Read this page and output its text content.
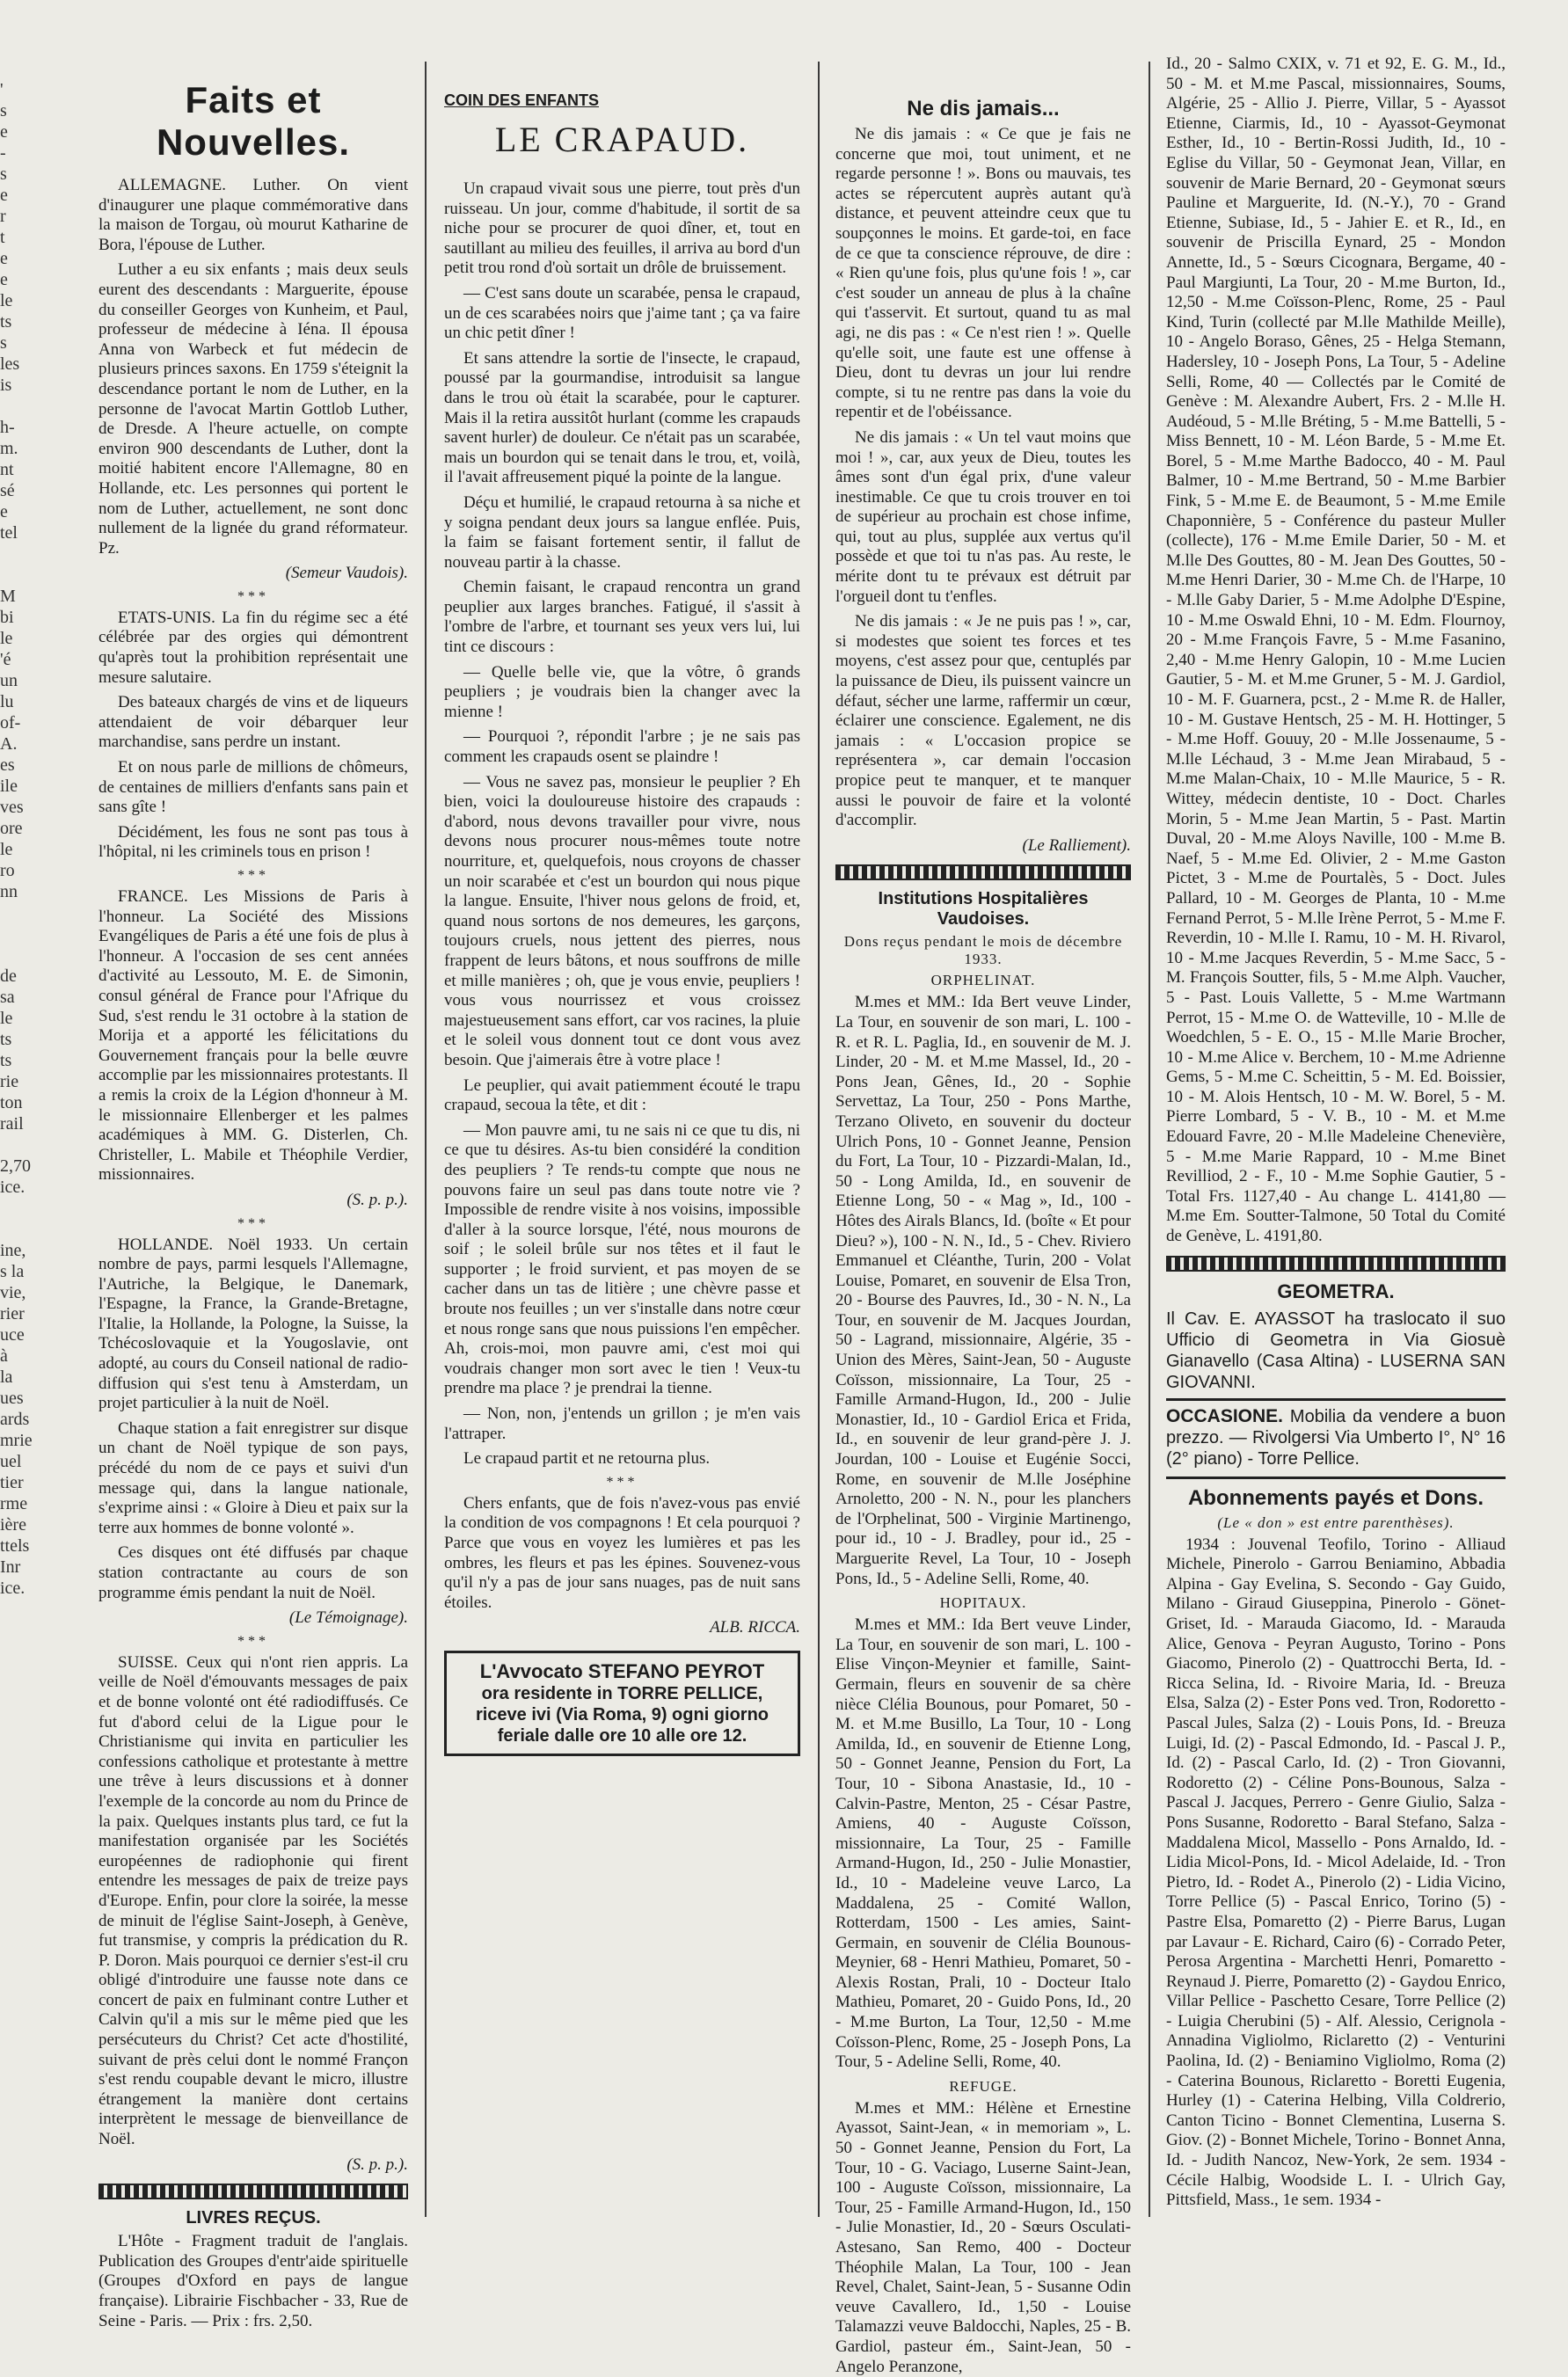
'
s
e
-
s
e
r
t
e
e
le
ts
s
les
is

h-
m.
nt
sé
e
tel

M
bi
le
'é
un
lu
of-
A.
es
ile
ves
ore
le
ro
nn

de
sa
le
ts
ts
rie
ton
rail

2,70
ice.

ine,
s la
vie,
rier
uce
à la
ues
ards
mrie
uel
tier
rme
ière
ttels
Inr
ice.
Faits et Nouvelles.

ALLEMAGNE. Luther. On vient d'inaugurer une plaque commémorative dans la maison de Torgau, où mourut Katharine de Bora, l'épouse de Luther.

Luther a eu six enfants ; mais deux seuls eurent des descendants : Marguerite, épouse du conseiller Georges von Kunheim, et Paul, professeur de médecine à Iéna. Il épousa Anna von Warbeck et fut médecin de plusieurs princes saxons. En 1759 s'éteignit la descendance portant le nom de Luther, en la personne de l'avocat Martin Gottlob Luther, de Dresde. A l'heure actuelle, on compte environ 900 descendants de Luther, dont la moitié habitent encore l'Allemagne, 80 en Hollande, etc. Les personnes qui portent le nom de Luther, actuellement, ne sont donc nullement de la lignée du grand réformateur. Pz.

(Semeur Vaudois).

***

ETATS-UNIS. La fin du régime sec a été célébrée par des orgies qui démontrent qu'après tout la prohibition représentait une mesure salutaire.

Des bateaux chargés de vins et de liqueurs attendaient de voir débarquer leur marchandise, sans perdre un instant.

Et on nous parle de millions de chômeurs, de centaines de milliers d'enfants sans pain et sans gîte !

Décidément, les fous ne sont pas tous à l'hôpital, ni les criminels tous en prison !

***

FRANCE. Les Missions de Paris à l'honneur. La Société des Missions Evangéliques de Paris a été une fois de plus à l'honneur. A l'occasion de ses cent années d'activité au Lessouto, M. E. de Simonin, consul général de France pour l'Afrique du Sud, s'est rendu le 31 octobre à la station de Morija et a apporté les félicitations du Gouvernement français pour la belle œuvre accomplie par les missionnaires protestants. Il a remis la croix de la Légion d'honneur à M. le missionnaire Ellenberger et les palmes académiques à MM. G. Disterlen, Ch. Christeller, L. Mabile et Théophile Verdier, missionnaires.

(S. p. p.).

***

HOLLANDE. Noël 1933. Un certain nombre de pays, parmi lesquels l'Allemagne, l'Autriche, la Belgique, le Danemark, l'Espagne, la France, la Grande-Bretagne, l'Italie, la Hollande, la Pologne, la Suisse, la Tchécoslovaquie et la Yougoslavie, ont adopté, au cours du Conseil national de radio-diffusion qui s'est tenu à Amsterdam, un projet particulier à la nuit de Noël.

Chaque station a fait enregistrer sur disque un chant de Noël typique de son pays, précédé du nom de ce pays et suivi d'un message qui, dans la langue nationale, s'exprime ainsi : « Gloire à Dieu et paix sur la terre aux hommes de bonne volonté ».

Ces disques ont été diffusés par chaque station contractante au cours de son programme émis pendant la nuit de Noël.

(Le Témoignage).

***

SUISSE. Ceux qui n'ont rien appris. La veille de Noël d'émouvants messages de paix et de bonne volonté ont été radiodiffusés. Ce fut d'abord celui de la Ligue pour le Christianisme qui invita en particulier les confessions catholique et protestante à mettre une trêve à leurs discussions et à donner l'exemple de la concorde au nom du Prince de la paix. Quelques instants plus tard, ce fut la manifestation organisée par les Sociétés européennes de radiophonie qui firent entendre les messages de paix de treize pays d'Europe. Enfin, pour clore la soirée, la messe de minuit de l'église Saint-Joseph, à Genève, fut transmise, y compris la prédication du R. P. Doron. Mais pourquoi ce dernier s'est-il cru obligé d'introduire une fausse note dans ce concert de paix en fulminant contre Luther et Calvin qu'il a mis sur le même pied que les persécuteurs du Christ? Cet acte d'hostilité, suivant de près celui dont le nommé Françon s'est rendu coupable devant le micro, illustre étrangement la manière dont certains interprètent le message de bienveillance de Noël.

(S. p. p.).

LIVRES REÇUS.

L'Hôte - Fragment traduit de l'anglais. Publication des Groupes d'entr'aide spirituelle (Groupes d'Oxford en pays de langue française). Librairie Fischbacher - 33, Rue de Seine - Paris. — Prix : frs. 2,50.

COIN DES ENFANTS
LE CRAPAUD.

Un crapaud vivait sous une pierre, tout près d'un ruisseau. Un jour, comme d'habitude, il sortit de sa niche pour se procurer de quoi dîner, et, tout en sautillant au milieu des feuilles, il arriva au bord d'un petit trou rond d'où sortait un drôle de bruissement.

— C'est sans doute un scarabée, pensa le crapaud, un de ces scarabées noirs que j'aime tant ; ça va faire un chic petit dîner !

Et sans attendre la sortie de l'insecte, le crapaud, poussé par la gourmandise, introduisit sa langue dans le trou où était la scarabée, pour le capturer. Mais il la retira aussitôt hurlant (comme les crapauds savent hurler) de douleur. Ce n'était pas un scarabée, mais un bourdon qui se tenait dans le trou, et, voilà, il l'avait affreusement piqué la pointe de la langue.

Déçu et humilié, le crapaud retourna à sa niche et y soigna pendant deux jours sa langue enflée. Puis, la faim se faisant fortement sentir, il fallut de nouveau partir à la chasse.

Chemin faisant, le crapaud rencontra un grand peuplier aux larges branches. Fatigué, il s'assit à l'ombre de l'arbre, et tournant ses yeux vers lui, lui tint ce discours :

— Quelle belle vie, que la vôtre, ô grands peupliers ; je voudrais bien la changer avec la mienne !

— Pourquoi ?, répondit l'arbre ; je ne sais pas comment les crapauds osent se plaindre !

— Vous ne savez pas, monsieur le peuplier ? Eh bien, voici la douloureuse histoire des crapauds : d'abord, nous devons travailler pour vivre, nous devons nous procurer nous-mêmes toute notre nourriture, et, quelquefois, nous croyons de chasser un noir scarabée et c'est un bourdon qui nous pique la langue. Ensuite, l'hiver nous gelons de froid, et, quand nous sortons de nos demeures, les garçons, toujours cruels, nous jettent des pierres, nous frappent de leurs bâtons, et nous souffrons de mille et mille manières ; oh, que je vous envie, peupliers ! vous vous nourrissez et vous croissez majestueusement sans effort, car vos racines, la pluie et le soleil vous donnent tout ce dont vous avez besoin. Que j'aimerais être à votre place !

Le peuplier, qui avait patiemment écouté le trapu crapaud, secoua la tête, et dit :

— Mon pauvre ami, tu ne sais ni ce que tu dis, ni ce que tu désires. As-tu bien considéré la condition des peupliers ? Te rends-tu compte que nous ne pouvons faire un seul pas dans toute notre vie ? Impossible de rendre visite à nos voisins, impossible d'aller à la source lorsque, l'été, nous mourons de soif ; le soleil brûle sur nos têtes et il faut le supporter ; le froid survient, et pas moyen de se cacher dans un tas de litière ; une chèvre passe et broute nos feuilles ; un ver s'installe dans notre cœur et nous ronge sans que nous puissions l'en empêcher. Ah, crois-moi, mon pauvre ami, c'est moi qui voudrais changer mon sort avec le tien ! Veux-tu prendre ma place ? je prendrai la tienne.

— Non, non, j'entends un grillon ; je m'en vais l'attraper.

Le crapaud partit et ne retourna plus.

***

Chers enfants, que de fois n'avez-vous pas envié la condition de vos compagnons ! Et cela pourquoi ? Parce que vous en voyez les lumières et pas les ombres, les fleurs et pas les épines. Souvenez-vous qu'il n'y a pas de jour sans nuages, pas de nuit sans étoiles.

ALB. RICCA.

L'Avvocato STEFANO PEYROT
ora residente in TORRE PELLICE, riceve ivi (Via Roma, 9) ogni giorno feriale dalle ore 10 alle ore 12.
Ne dis jamais...

Ne dis jamais : « Ce que je fais ne concerne que moi, tout uniment, et ne regarde personne ! ». Bons ou mauvais, tes actes se répercutent auprès autant qu'à distance, et peuvent atteindre ceux que tu soupçonnes le moins. Et garde-toi, en face de ce que ta conscience réprouve, de dire : « Rien qu'une fois, plus qu'une fois ! », car c'est souder un anneau de plus à la chaîne qui t'asservit. Et surtout, quand tu as mal agi, ne dis pas : « Ce n'est rien ! ». Quelle qu'elle soit, une faute est une offense à Dieu, dont tu devras un jour lui rendre compte, si tu ne rentre pas dans la voie du repentir et de l'obéissance.

Ne dis jamais : « Un tel vaut moins que moi ! », car, aux yeux de Dieu, toutes les âmes sont d'un égal prix, d'une valeur inestimable. Ce que tu crois trouver en toi de supérieur au prochain est chose infime, qui, tout au plus, supplée aux vertus qu'il possède et que toi tu n'as pas. Au reste, le mérite dont tu te prévaux est détruit par l'orgueil dont tu t'enfles.

Ne dis jamais : « Je ne puis pas ! », car, si modestes que soient tes forces et tes moyens, c'est assez pour que, centuplés par la puissance de Dieu, ils puissent vaincre un défaut, sécher une larme, raffermir un cœur, éclairer une conscience. Egalement, ne dis jamais : « L'occasion propice se représentera », car demain l'occasion propice peut te manquer, et te manquer aussi le pouvoir de faire et la volonté d'accomplir.

(Le Ralliement).

Institutions Hospitalières Vaudoises.
Dons reçus pendant le mois de décembre 1933.
ORPHELINAT.

M.mes et MM.: Ida Bert veuve Linder, La Tour, en souvenir de son mari, L. 100 - R. et R. L. Paglia, Id., en souvenir de M. J. Linder, 20 - M. et M.me Massel, Id., 20 - Pons Jean, Gênes, Id., 20 - Sophie Servettaz, La Tour, 250 - Pons Marthe, Terzano Oliveto, en souvenir du docteur Ulrich Pons, 10 - Gonnet Jeanne, Pension du Fort, La Tour, 10 - Pizzardi-Malan, Id., 50 - Long Amilda, Id., en souvenir de Etienne Long, 50 - « Mag », Id., 100 - Hôtes des Airals Blancs, Id. (boîte « Et pour Dieu? »), 100 - N. N., Id., 5 - Chev. Riviero Emmanuel et Cléanthe, Turin, 200 - Volat Louise, Pomaret, en souvenir de Elsa Tron, 20 - Bourse des Pauvres, Id., 30 - N. N., La Tour, en souvenir de M. Jacques Jourdan, 50 - Lagrand, missionnaire, Algérie, 35 - Union des Mères, Saint-Jean, 50 - Auguste Coïsson, missionnaire, La Tour, 25 - Famille Armand-Hugon, Id., 200 - Julie Monastier, Id., 10 - Gardiol Erica et Frida, Id., en souvenir de leur grand-père J. J. Jourdan, 100 - Louise et Eugénie Socci, Rome, en souvenir de M.lle Joséphine Arnoletto, 200 - N. N., pour les planchers de l'Orphelinat, 500 - Virginie Martinengo, pour id., 10 - J. Bradley, pour id., 25 - Marguerite Revel, La Tour, 10 - Joseph Pons, Id., 5 - Adeline Selli, Rome, 40.

HOPITAUX.

M.mes et MM.: Ida Bert veuve Linder, La Tour, en souvenir de son mari, L. 100 - Elise Vinçon-Meynier et famille, Saint-Germain, fleurs en souvenir de sa chère nièce Clélia Bounous, pour Pomaret, 50 - M. et M.me Busillo, La Tour, 10 - Long Amilda, Id., en souvenir de Etienne Long, 50 - Gonnet Jeanne, Pension du Fort, La Tour, 10 - Sibona Anastasie, Id., 10 - Calvin-Pastre, Menton, 25 - César Pastre, Amiens, 40 - Auguste Coïsson, missionnaire, La Tour, 25 - Famille Armand-Hugon, Id., 250 - Julie Monastier, Id., 10 - Madeleine veuve Larco, La Maddalena, 25 - Comité Wallon, Rotterdam, 1500 - Les amies, Saint-Germain, en souvenir de Clélia Bounous-Meynier, 68 - Henri Mathieu, Pomaret, 50 - Alexis Rostan, Prali, 10 - Docteur Italo Mathieu, Pomaret, 20 - Guido Pons, Id., 20 - M.me Burton, La Tour, 12,50 - M.me Coïsson-Plenc, Rome, 25 - Joseph Pons, La Tour, 5 - Adeline Selli, Rome, 40.

REFUGE.

M.mes et MM.: Hélène et Ernestine Ayassot, Saint-Jean, « in memoriam », L. 50 - Gonnet Jeanne, Pension du Fort, La Tour, 10 - G. Vaciago, Luserne Saint-Jean, 100 - Auguste Coïsson, missionnaire, La Tour, 25 - Famille Armand-Hugon, Id., 150 - Julie Monastier, Id., 20 - Sœurs Osculati-Astesano, San Remo, 400 - Docteur Théophile Malan, La Tour, 100 - Jean Revel, Chalet, Saint-Jean, 5 - Susanne Odin veuve Cavallero, Id., 1,50 - Louise Talamazzi veuve Baldocchi, Naples, 25 - B. Gardiol, pasteur ém., Saint-Jean, 50 - Angelo Peranzone,

Id., 20 - Salmo CXIX, v. 71 et 92, E. G. M., Id., 50 - M. et M.me Pascal, missionnaires, Soums, Algérie, 25 - Allio J. Pierre, Villar, 5 - Ayassot Etienne, Ciarmis, Id., 10 - Ayassot-Geymonat Esther, Id., 10 - Bertin-Rossi Judith, Id., 10 - Eglise du Villar, 50 - Geymonat Jean, Villar, en souvenir de Marie Bernard, 20 - Geymonat sœurs Pauline et Marguerite, Id. (N.-Y.), 70 - Grand Etienne, Subiase, Id., 5 - Jahier E. et R., Id., en souvenir de Priscilla Eynard, 25 - Mondon Annette, Id., 5 - Sœurs Cicognara, Bergame, 40 - Paul Margiunti, La Tour, 20 - M.me Burton, Id., 12,50 - M.me Coïsson-Plenc, Rome, 25 - Paul Kind, Turin (collecté par M.lle Mathilde Meille), 10 - Angelo Boraso, Gênes, 25 - Helga Stemann, Hadersley, 10 - Joseph Pons, La Tour, 5 - Adeline Selli, Rome, 40 — Collectés par le Comité de Genève : M. Alexandre Aubert, Frs. 2 - M.lle H. Audéoud, 5 - M.lle Bréting, 5 - M.me Battelli, 5 - Miss Bennett, 10 - M. Léon Barde, 5 - M.me Et. Borel, 5 - M.me Marthe Badocco, 40 - M. Paul Balmer, 10 - M.me Bertrand, 50 - M.me Barbier Fink, 5 - M.me E. de Beaumont, 5 - M.me Emile Chaponnière, 5 - Conférence du pasteur Muller (collecte), 176 - M.me Emile Darier, 50 - M. et M.lle Des Gouttes, 80 - M. Jean Des Gouttes, 50 - M.me Henri Darier, 30 - M.me Ch. de l'Harpe, 10 - M.lle Gaby Darier, 5 - M.me Adolphe D'Espine, 10 - M.me Oswald Ehni, 10 - M. Edm. Flournoy, 20 - M.me François Favre, 5 - M.me Fasanino, 2,40 - M.me Henry Galopin, 10 - M.me Lucien Gautier, 5 - M. et M.me Gruner, 5 - M. J. Gardiol, 10 - M. F. Guarnera, pcst., 2 - M.me R. de Haller, 10 - M. Gustave Hentsch, 25 - M. H. Hottinger, 5 - M.me Hoff. Gouuy, 20 - M.lle Jossenaume, 5 - M.lle Léchaud, 3 - M.me Jean Mirabaud, 5 - M.me Malan-Chaix, 10 - M.lle Maurice, 5 - R. Wittey, médecin dentiste, 10 - Doct. Charles Morin, 5 - M.me Jean Martin, 5 - Past. Martin Duval, 20 - M.me Aloys Naville, 100 - M.me B. Naef, 5 - M.me Ed. Olivier, 2 - M.me Gaston Pictet, 3 - M.me de Pourtalès, 5 - Doct. Jules Pallard, 10 - M. Georges de Planta, 10 - M.me Fernand Perrot, 5 - M.lle Irène Perrot, 5 - M.me F. Reverdin, 10 - M.lle I. Ramu, 10 - M. H. Rivarol, 10 - M.me Jacques Reverdin, 5 - M.me Sacc, 5 - M. François Soutter, fils, 5 - M.me Alph. Vaucher, 5 - Past. Louis Vallette, 5 - M.me Wartmann Perrot, 15 - M.me O. de Watteville, 10 - M.lle de Woedchlen, 5 - E. O., 15 - M.lle Marie Brocher, 10 - M.me Alice v. Berchem, 10 - M.me Adrienne Gems, 5 - M.me C. Scheittin, 5 - M. Ed. Boissier, 10 - M. Alois Hentsch, 10 - M. W. Borel, 5 - M. Pierre Lombard, 5 - V. B., 10 - M. et M.me Edouard Favre, 20 - M.lle Madeleine Chenevière, 5 - M.me Marie Rappard, 10 - M.me Binet Revilliod, 2 - F., 10 - M.me Sophie Gautier, 5 - Total Frs. 1127,40 - Au change L. 4141,80 — M.me Em. Soutter-Talmone, 50 Total du Comité de Genève, L. 4191,80.

GEOMETRA.
Il Cav. E. AYASSOT ha traslocato il suo Ufficio di Geometra in Via Giosuè Gianavello (Casa Altina) - LUSERNA SAN GIOVANNI.
OCCASIONE. Mobilia da vendere a buon prezzo. — Rivolgersi Via Umberto I°, N° 16 (2° piano) - Torre Pellice.
Abonnements payés et Dons.
(Le « don » est entre parenthèses).

1934 : Jouvenal Teofilo, Torino - Alliaud Michele, Pinerolo - Garrou Beniamino, Abbadia Alpina - Gay Evelina, S. Secondo - Gay Guido, Milano - Giraud Giuseppina, Pinerolo - Gönet-Griset, Id. - Marauda Giacomo, Id. - Marauda Alice, Genova - Peyran Augusto, Torino - Pons Giacomo, Pinerolo (2) - Quattrocchi Berta, Id. - Ricca Selina, Id. - Rivoire Maria, Id. - Breuza Elsa, Salza (2) - Ester Pons ved. Tron, Rodoretto - Pascal Jules, Salza (2) - Louis Pons, Id. - Breuza Luigi, Id. (2) - Pascal Edmondo, Id. - Pascal J. P., Id. (2) - Pascal Carlo, Id. (2) - Tron Giovanni, Rodoretto (2) - Céline Pons-Bounous, Salza - Pascal J. Jacques, Perrero - Genre Giulio, Salza - Pons Susanne, Rodoretto - Baral Stefano, Salza - Maddalena Micol, Massello - Pons Arnaldo, Id. - Lidia Micol-Pons, Id. - Micol Adelaide, Id. - Tron Pietro, Id. - Rodet A., Pinerolo (2) - Lidia Vicino, Torre Pellice (5) - Pascal Enrico, Torino (5) - Pastre Elsa, Pomaretto (2) - Pierre Barus, Lugan par Lavaur - E. Richard, Cairo (6) - Corrado Peter, Perosa Argentina - Marchetti Henri, Pomaretto - Reynaud J. Pierre, Pomaretto (2) - Gaydou Enrico, Villar Pellice - Paschetto Cesare, Torre Pellice (2) - Luigia Cherubini (5) - Alf. Alessio, Cerignola - Annadina Vigliolmo, Riclaretto (2) - Venturini Paolina, Id. (2) - Beniamino Vigliolmo, Roma (2) - Caterina Bounous, Riclaretto - Boretti Eugenia, Hurley (1) - Caterina Helbing, Villa Coldrerio, Canton Ticino - Bonnet Clementina, Luserna S. Giov. (2) - Bonnet Michele, Torino - Bonnet Anna, Id. - Judith Nancoz, New-York, 2e sem. 1934 - Cécile Halbig, Woodside L. I. - Ulrich Gay, Pittsfield, Mass., 1e sem. 1934 -
